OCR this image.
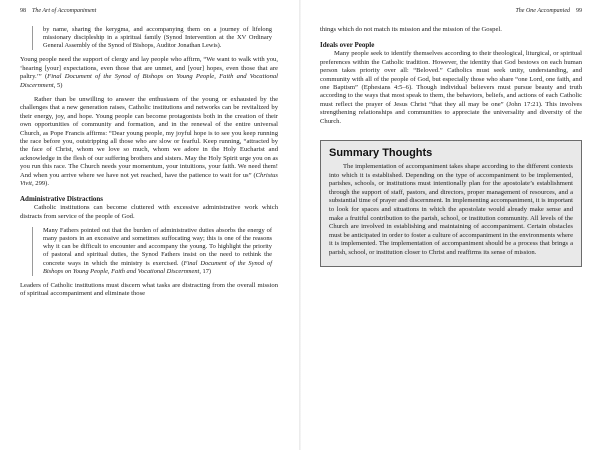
98 The Art of Accompaniment

by name, sharing the kerygma, and accompanying them on a journey of lifelong missionary discipleship in a spiritual family (Synod Intervention at the XV Ordinary General Assembly of the Synod of Bishops, Auditor Jonathan Lewis).

Young people need the support of clergy and lay people who affirm, “We want to walk with you, ‘hearing [your] expectations, even those that are unmet, and [your] hopes, even those that are paltry.’” (Final Document of the Synod of Bishops on Young People, Faith and Vocational Discernment, 5)

Rather than be unwilling to answer the enthusiasm of the young or exhausted by the challenges that a new generation raises, Catholic institutions and networks can be revitalized by their energy, joy, and hope. Young people can become protagonists both in the creation of their own opportunities of community and formation, and in the renewal of the entire universal Church, as Pope Francis affirms: “Dear young people, my joyful hope is to see you keep running the race before you, outstripping all those who are slow or fearful. Keep running, “attracted by the face of Christ, whom we love so much, whom we adore in the Holy Eucharist and acknowledge in the flesh of our suffering brothers and sisters. May the Holy Spirit urge you on as you run this race. The Church needs your momentum, your intuitions, your faith. We need them! And when you arrive where we have not yet reached, have the patience to wait for us” (Christus Vivit, 299).

Administrative Distractions

Catholic institutions can become cluttered with excessive administrative work which distracts from service of the people of God.

Many Fathers pointed out that the burden of administrative duties absorbs the energy of many pastors in an excessive and sometimes suffocating way; this is one of the reasons why it can be difficult to encounter and accompany the young. To highlight the priority of pastoral and spiritual duties, the Synod Fathers insist on the need to rethink the concrete ways in which the ministry is exercised. (Final Document of the Synod of Bishops on Young People, Faith and Vocational Discernment, 17)

Leaders of Catholic institutions must discern what tasks are distracting from the overall mission of spiritual accompaniment and eliminate those

The One Accompanied 99

things which do not match its mission and the mission of the Gospel.

Ideals over People

Many people seek to identify themselves according to their theological, liturgical, or spiritual preferences within the Catholic tradition. However, the identity that God bestows on each human person takes priority over all: “Beloved.” Catholics must seek unity, understanding, and community with all of the people of God, but especially those who share “one Lord, one faith, and one Baptism” (Ephesians 4:5–6). Though individual believers must pursue beauty and truth according to the ways that most speak to them, the behaviors, beliefs, and actions of each Catholic must reflect the prayer of Jesus Christ “that they all may be one” (John 17:21). This involves strengthening relationships and communities to appreciate the universality and diversity of the Church.

Summary Thoughts

The implementation of accompaniment takes shape according to the different contexts into which it is established. Depending on the type of accompaniment to be implemented, parishes, schools, or institutions must intentionally plan for the apostolate’s establishment through the support of staff, pastors, and directors, proper management of resources, and a substantial time of prayer and discernment. In implementing accompaniment, it is important to look for spaces and situations in which the apostolate would already make sense and make a fruitful contribution to the parish, school, or institution community. All levels of the Church are involved in establishing and maintaining of accompaniment. Certain obstacles must be anticipated in order to foster a culture of accompaniment in the environments where it is implemented. The implementation of accompaniment should be a process that brings a parish, school, or institution closer to Christ and reaffirms its sense of mission.
